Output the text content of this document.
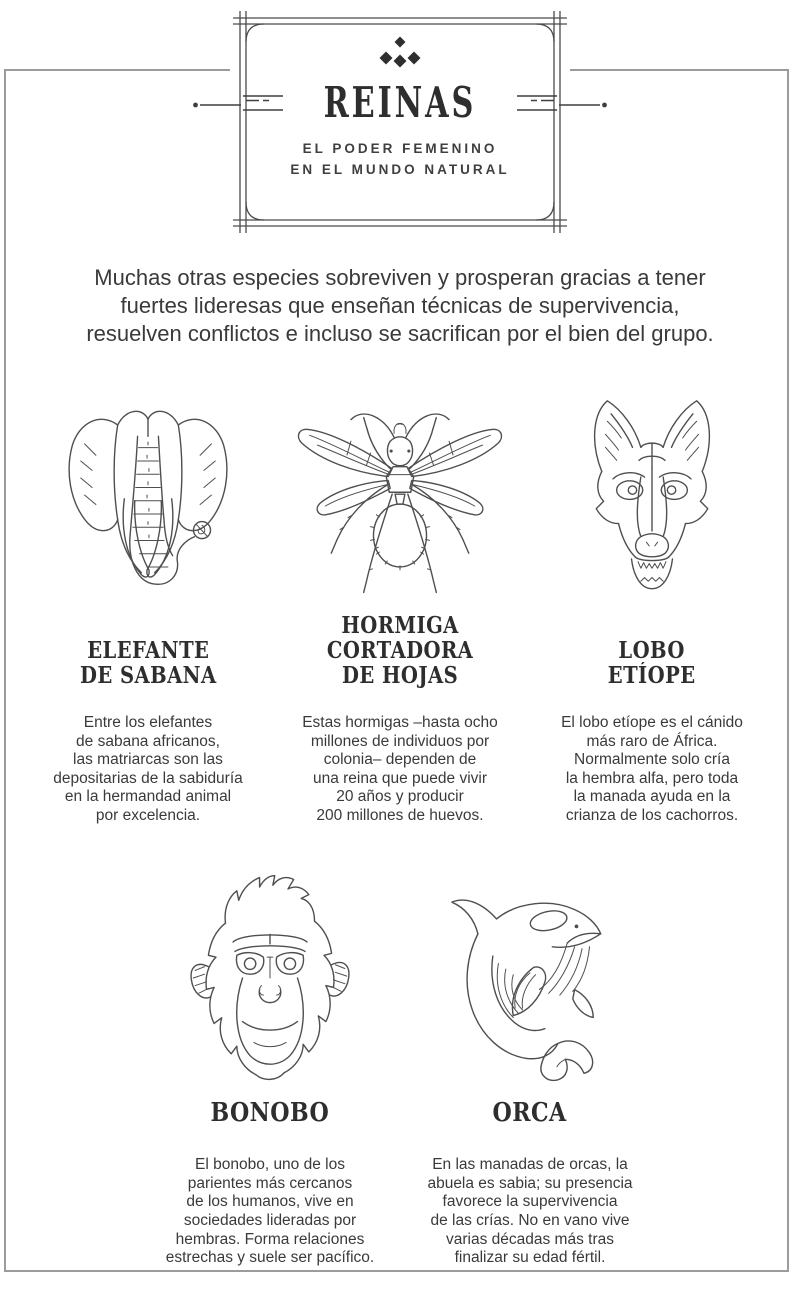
REINAS
EL PODER FEMENINO
EN EL MUNDO NATURAL
Muchas otras especies sobreviven y prosperan gracias a tener
fuertes lideresas que enseñan técnicas de supervivencia,
resuelven conflictos e incluso se sacrifican por el bien del grupo.
ELEFANTE
DE SABANA
Entre los elefantes
de sabana africanos,
las matriarcas son las
depositarias de la sabiduría
en la hermandad animal
por excelencia.
HORMIGA
CORTADORA
DE HOJAS
Estas hormigas –hasta ocho
millones de individuos por
colonia– dependen de
una reina que puede vivir
20 años y producir
200 millones de huevos.
LOBO
ETÍOPE
El lobo etíope es el cánido
más raro de África.
Normalmente solo cría
la hembra alfa, pero toda
la manada ayuda en la
crianza de los cachorros.
BONOBO
El bonobo, uno de los
parientes más cercanos
de los humanos, vive en
sociedades lideradas por
hembras. Forma relaciones
estrechas y suele ser pacífico.
ORCA
En las manadas de orcas, la
abuela es sabia; su presencia
favorece la supervivencia
de las crías. No en vano vive
varias décadas más tras
finalizar su edad fértil.
